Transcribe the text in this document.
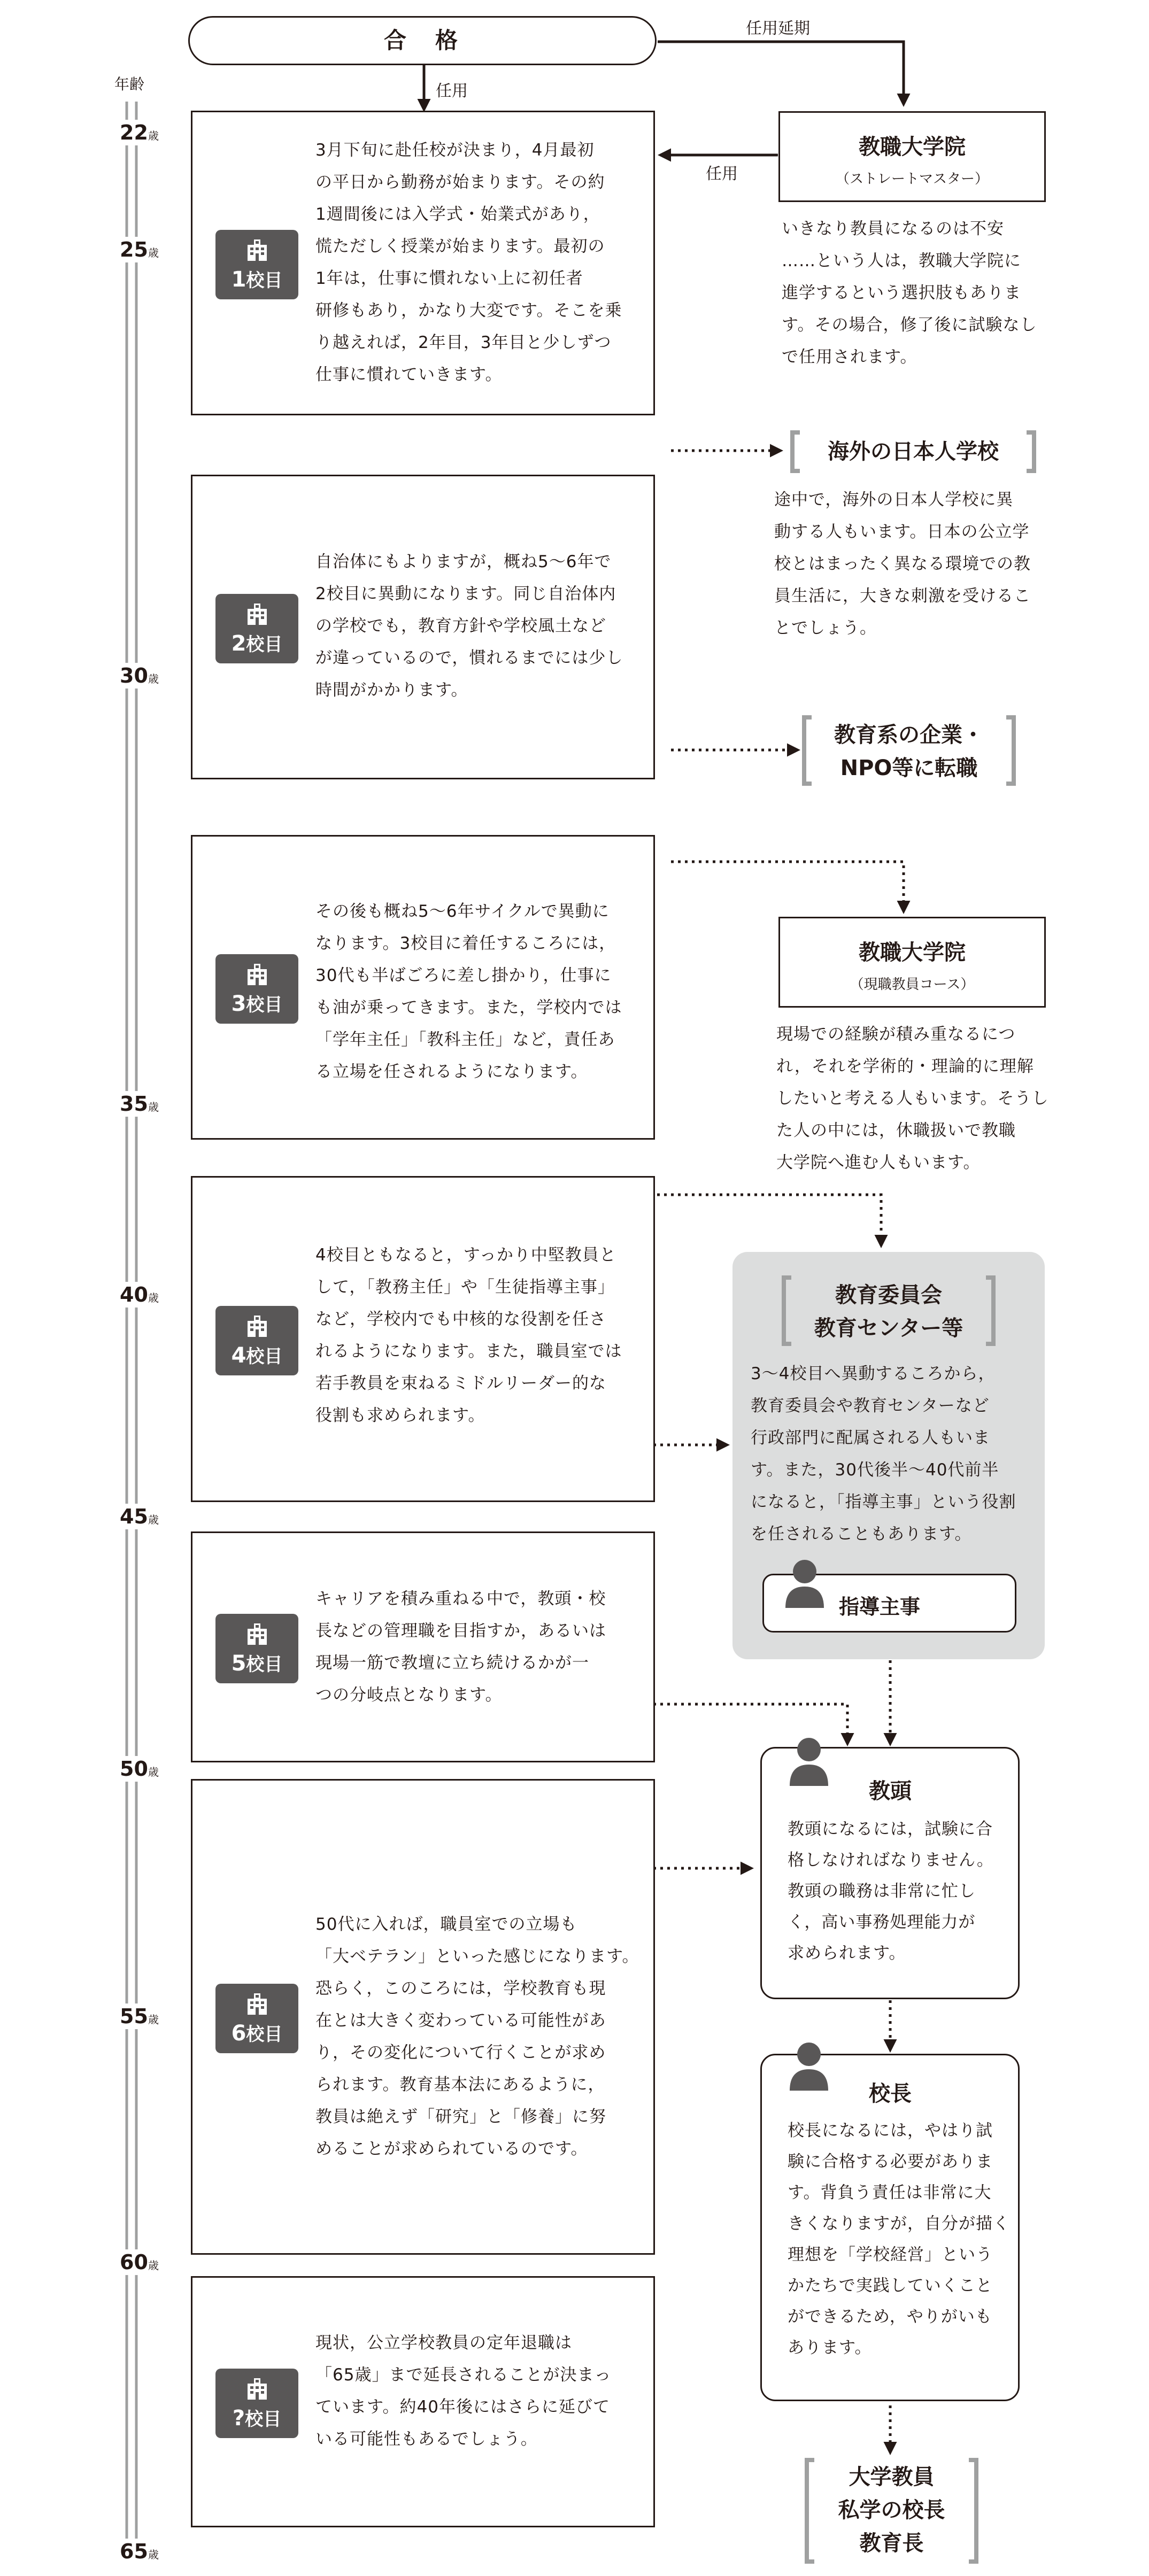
合　格
任用
任用延期
任用
年齢
22歳
25歳
30歳
35歳
40歳
45歳
50歳
55歳
60歳
65歳
1校目
3月下旬に赴任校が決まり，4月最初
の平日から勤務が始まります。その約
1週間後には入学式・始業式があり，
慌ただしく授業が始まります。最初の
1年は，仕事に慣れない上に初任者
研修もあり，かなり大変です。そこを乗
り越えれば，2年目，3年目と少しずつ
仕事に慣れていきます。
2校目
自治体にもよりますが，概ね5〜6年で
2校目に異動になります。同じ自治体内
の学校でも，教育方針や学校風土など
が違っているので，慣れるまでには少し
時間がかかります。
3校目
その後も概ね5〜6年サイクルで異動に
なります。3校目に着任するころには，
30代も半ばごろに差し掛かり，仕事に
も油が乗ってきます。また，学校内では
「学年主任」「教科主任」など，責任あ
る立場を任されるようになります。
4校目
4校目ともなると，すっかり中堅教員と
して，「教務主任」や「生徒指導主事」
など，学校内でも中核的な役割を任さ
れるようになります。また，職員室では
若手教員を束ねるミドルリーダー的な
役割も求められます。
5校目
キャリアを積み重ねる中で，教頭・校
長などの管理職を目指すか，あるいは
現場一筋で教壇に立ち続けるかが一
つの分岐点となります。
6校目
50代に入れば，職員室での立場も
「大ベテラン」といった感じになります。
恐らく，このころには，学校教育も現
在とは大きく変わっている可能性があ
り，その変化について行くことが求め
られます。教育基本法にあるように，
教員は絶えず「研究」と「修養」に努
めることが求められているのです。
?校目
現状，公立学校教員の定年退職は
「65歳」まで延長されることが決まっ
ています。約40年後にはさらに延びて
いる可能性もあるでしょう。
教職大学院
（ストレートマスター）
いきなり教員になるのは不安
……という人は，教職大学院に
進学するという選択肢もありま
す。その場合，修了後に試験なし
で任用されます。
海外の日本人学校
途中で，海外の日本人学校に異
動する人もいます。日本の公立学
校とはまったく異なる環境での教
員生活に，大きな刺激を受けるこ
とでしょう。
教育系の企業・
NPO等に転職
教職大学院
（現職教員コース）
現場での経験が積み重なるにつ
れ，それを学術的・理論的に理解
したいと考える人もいます。そうし
た人の中には，休職扱いで教職
大学院へ進む人もいます。
教育委員会
教育センター等
3〜4校目へ異動するころから，
教育委員会や教育センターなど
行政部門に配属される人もいま
す。また，30代後半〜40代前半
になると，「指導主事」という役割
を任されることもあります。
指導主事
教頭
教頭になるには，試験に合
格しなければなりません。
教頭の職務は非常に忙し
く，高い事務処理能力が
求められます。
校長
校長になるには，やはり試
験に合格する必要がありま
す。背負う責任は非常に大
きくなりますが，自分が描く
理想を「学校経営」という
かたちで実践していくこと
ができるため，やりがいも
あります。
大学教員
私学の校長
教育長
